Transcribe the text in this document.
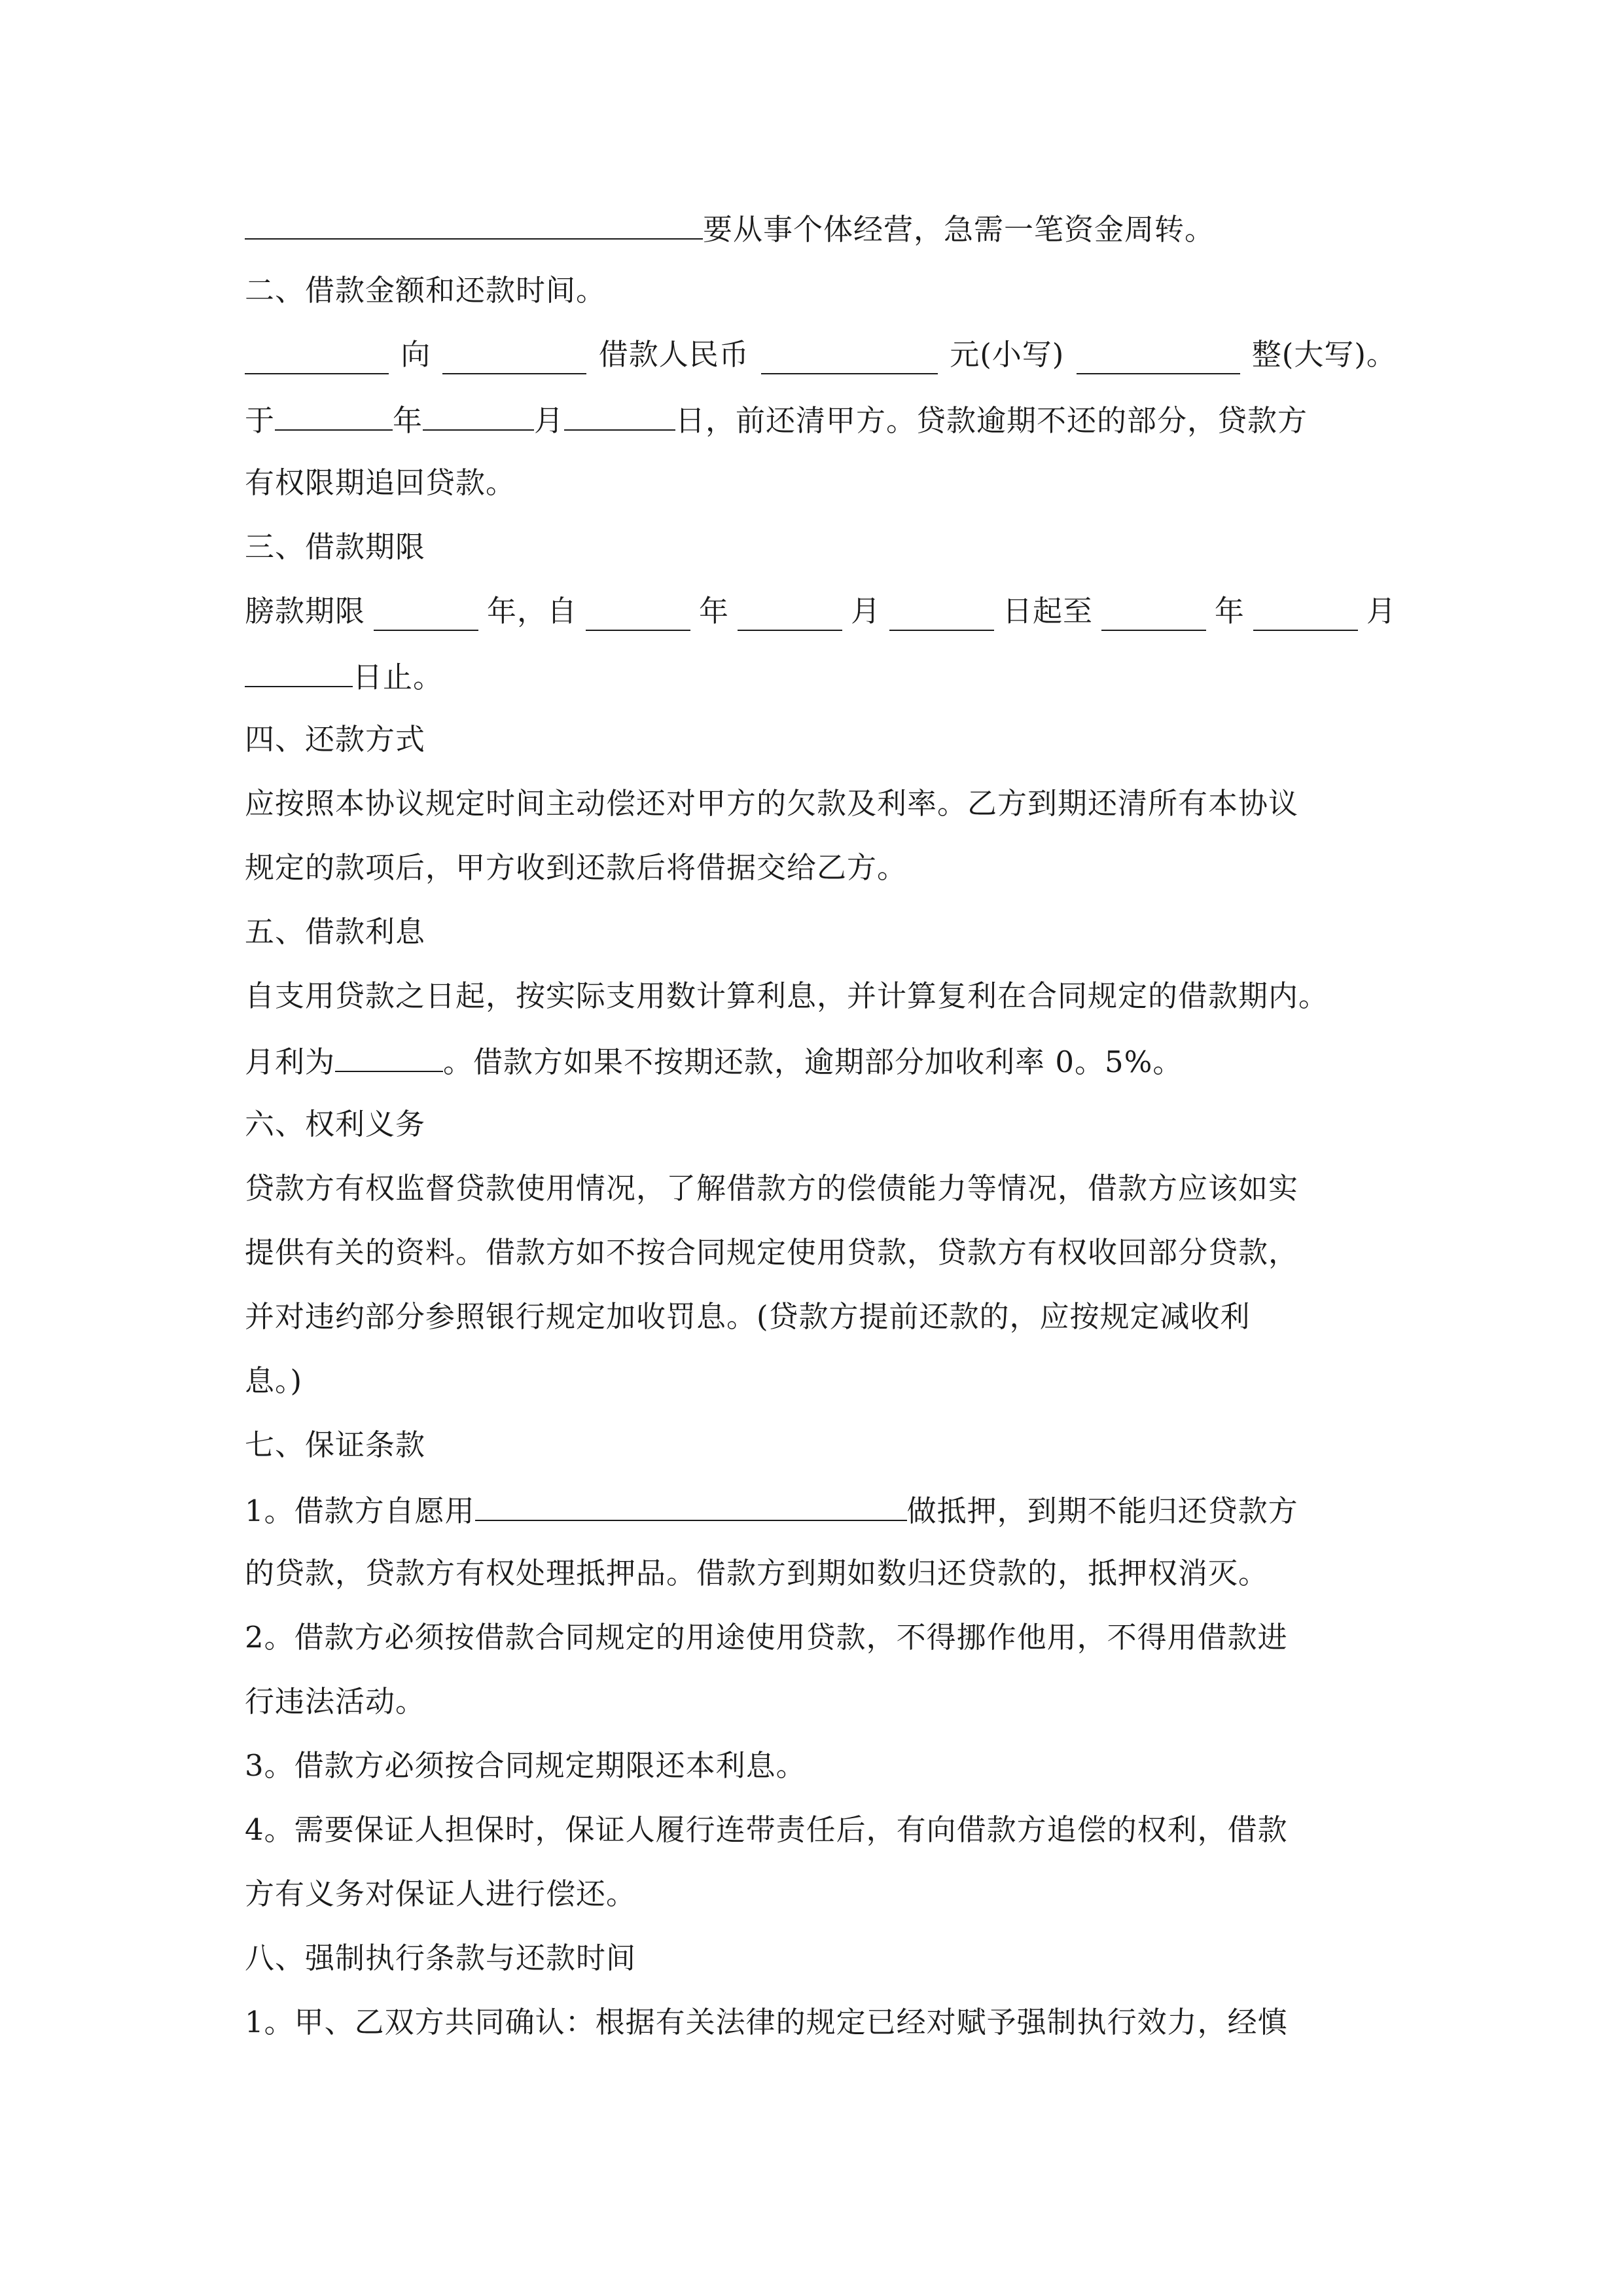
要从事个体经营，急需一笔资金周转。
二、借款金额和还款时间。
向	借款人民币	元(小写)	整(大写)。
于	年	月	日，前还清甲方。贷款逾期不还的部分，贷款方
有权限期追回贷款。
三、借款期限
膀款期限	年，自	年	月	日起至	年	月
日止。
四、还款方式
应按照本协议规定时间主动偿还对甲方的欠款及利率。乙方到期还清所有本协议
规定的款项后，甲方收到还款后将借据交给乙方。
五、借款利息
自支用贷款之日起，按实际支用数计算利息，并计算复利在合同规定的借款期内。
月利为	。借款方如果不按期还款，逾期部分加收利率 0。5%。
六、权利义务
贷款方有权监督贷款使用情况，了解借款方的偿债能力等情况，借款方应该如实
提供有关的资料。借款方如不按合同规定使用贷款，贷款方有权收回部分贷款，
并对违约部分参照银行规定加收罚息。(贷款方提前还款的，应按规定减收利
息。)
七、保证条款
1。借款方自愿用	做抵押，到期不能归还贷款方
的贷款，贷款方有权处理抵押品。借款方到期如数归还贷款的，抵押权消灭。
2。借款方必须按借款合同规定的用途使用贷款，不得挪作他用，不得用借款进
行违法活动。
3。借款方必须按合同规定期限还本利息。
4。需要保证人担保时，保证人履行连带责任后，有向借款方追偿的权利，借款
方有义务对保证人进行偿还。
八、强制执行条款与还款时间
1。甲、乙双方共同确认：根据有关法律的规定已经对赋予强制执行效力，经慎
